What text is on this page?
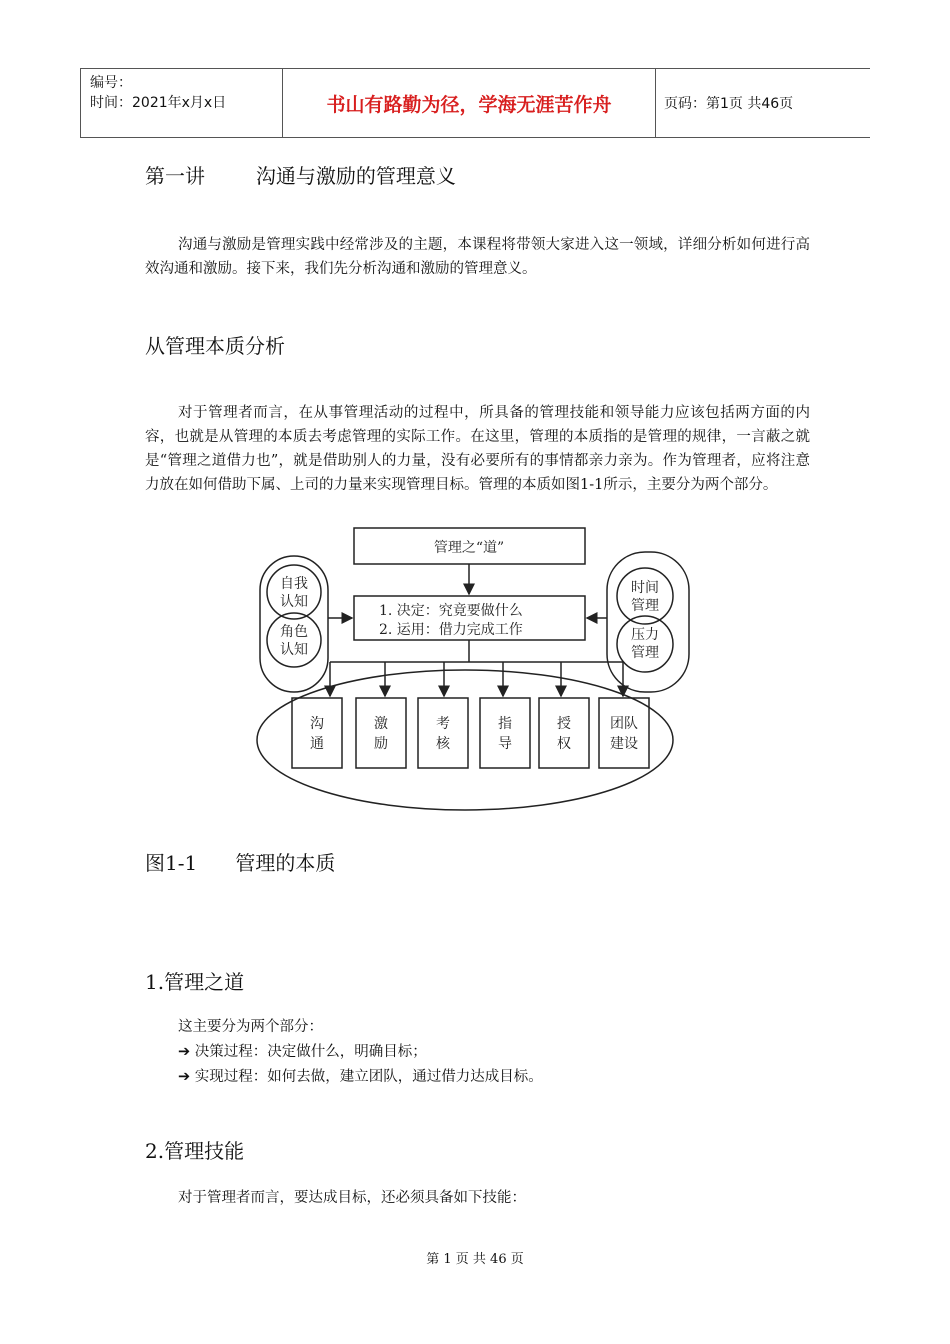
编号：
时间：2021年x月x日	书山有路勤为径，学海无涯苦作舟	页码：第1页 共46页
第一讲        沟通与激励的管理意义
沟通与激励是管理实践中经常涉及的主题，本课程将带领大家进入这一领域，详细分析如何进行高效沟通和激励。接下来，我们先分析沟通和激励的管理意义。
从管理本质分析
对于管理者而言，在从事管理活动的过程中，所具备的管理技能和领导能力应该包括两方面的内容，也就是从管理的本质去考虑管理的实际工作。在这里，管理的本质指的是管理的规律，一言蔽之就是“管理之道借力也”，就是借助别人的力量，没有必要所有的事情都亲力亲为。作为管理者，应将注意力放在如何借助下属、上司的力量来实现管理目标。管理的本质如图1-1所示，主要分为两个部分。
管理之“道”
1. 决定：究竟要做什么
2. 运用：借力完成工作
自我
认知
角色
认知
时间
管理
压力
管理
沟
通
激
励
考
核
指
导
授
权
团队
建设
图1-1      管理的本质
1.管理之道
这主要分为两个部分：
➔ 决策过程：决定做什么，明确目标；
➔ 实现过程：如何去做，建立团队，通过借力达成目标。
2.管理技能
对于管理者而言，要达成目标，还必须具备如下技能：
第 1 页 共 46 页
